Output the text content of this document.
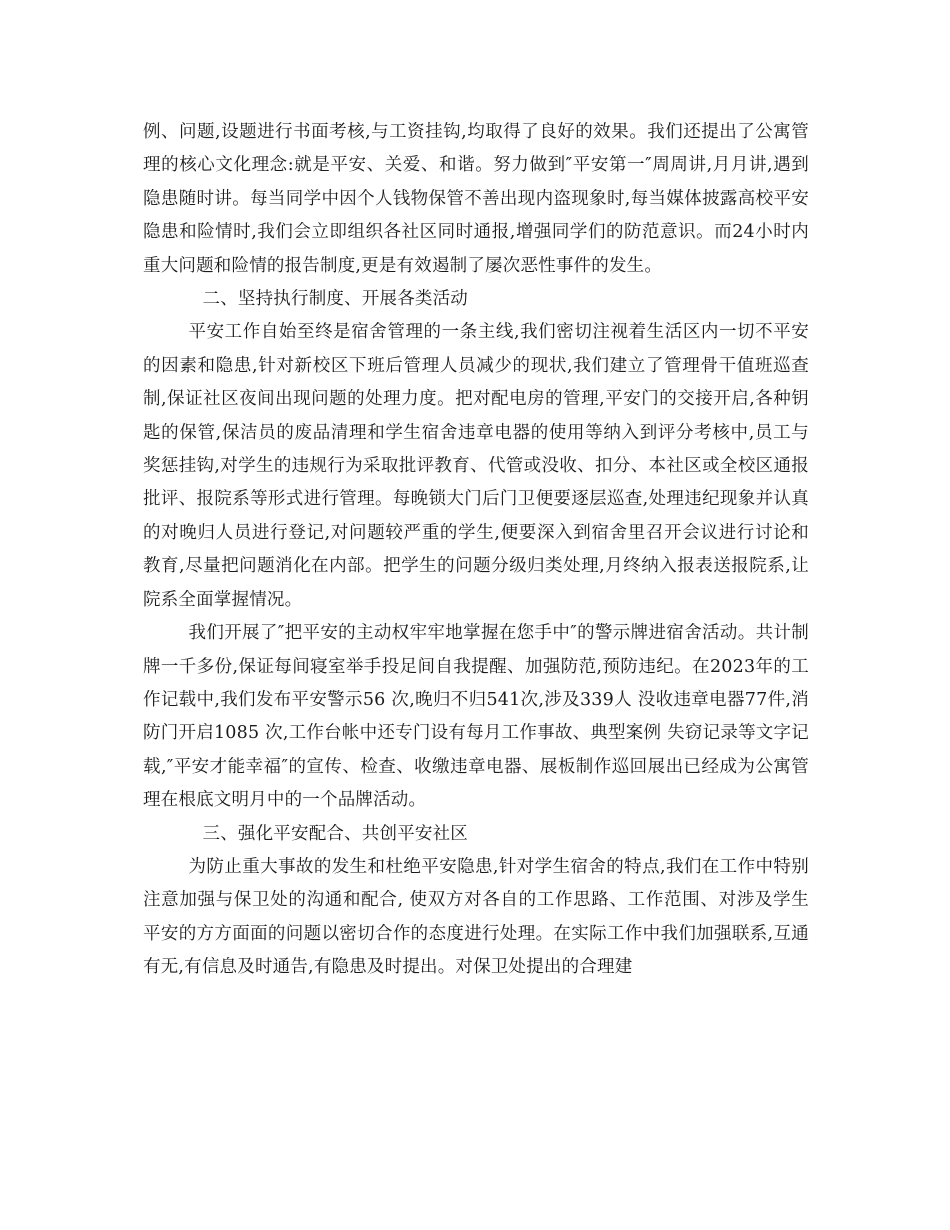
例、问题,设题进行书面考核,与工资挂钩,均取得了良好的效果。我们还提出了公寓管理的核心文化理念:就是平安、关爱、和谐。努力做到″平安第一″周周讲,月月讲,遇到隐患随时讲。每当同学中因个人钱物保管不善出现内盗现象时,每当媒体披露高校平安隐患和险情时,我们会立即组织各社区同时通报,增强同学们的防范意识。而24小时内重大问题和险情的报告制度,更是有效遏制了屡次恶性事件的发生。

二、坚持执行制度、开展各类活动

平安工作自始至终是宿舍管理的一条主线,我们密切注视着生活区内一切不平安的因素和隐患,针对新校区下班后管理人员减少的现状,我们建立了管理骨干值班巡查制,保证社区夜间出现问题的处理力度。把对配电房的管理,平安门的交接开启,各种钥匙的保管,保洁员的废品清理和学生宿舍违章电器的使用等纳入到评分考核中,员工与奖惩挂钩,对学生的违规行为采取批评教育、代管或没收、扣分、本社区或全校区通报批评、报院系等形式进行管理。每晚锁大门后门卫便要逐层巡查,处理违纪现象并认真的对晚归人员进行登记,对问题较严重的学生,便要深入到宿舍里召开会议进行讨论和教育,尽量把问题消化在内部。把学生的问题分级归类处理,月终纳入报表送报院系,让院系全面掌握情况。

我们开展了″把平安的主动权牢牢地掌握在您手中″的警示牌进宿舍活动。共计制牌一千多份,保证每间寝室举手投足间自我提醒、加强防范,预防违纪。在2023年的工作记载中,我们发布平安警示56 次,晚归不归541次,涉及339人 没收违章电器77件,消防门开启1085 次,工作台帐中还专门设有每月工作事故、典型案例 失窃记录等文字记载,″平安才能幸福″的宣传、检查、收缴违章电器、展板制作巡回展出已经成为公寓管理在根底文明月中的一个品牌活动。

三、强化平安配合、共创平安社区

为防止重大事故的发生和杜绝平安隐患,针对学生宿舍的特点,我们在工作中特别注意加强与保卫处的沟通和配合, 使双方对各自的工作思路、工作范围、对涉及学生平安的方方面面的问题以密切合作的态度进行处理。在实际工作中我们加强联系,互通有无,有信息及时通告,有隐患及时提出。对保卫处提出的合理建
